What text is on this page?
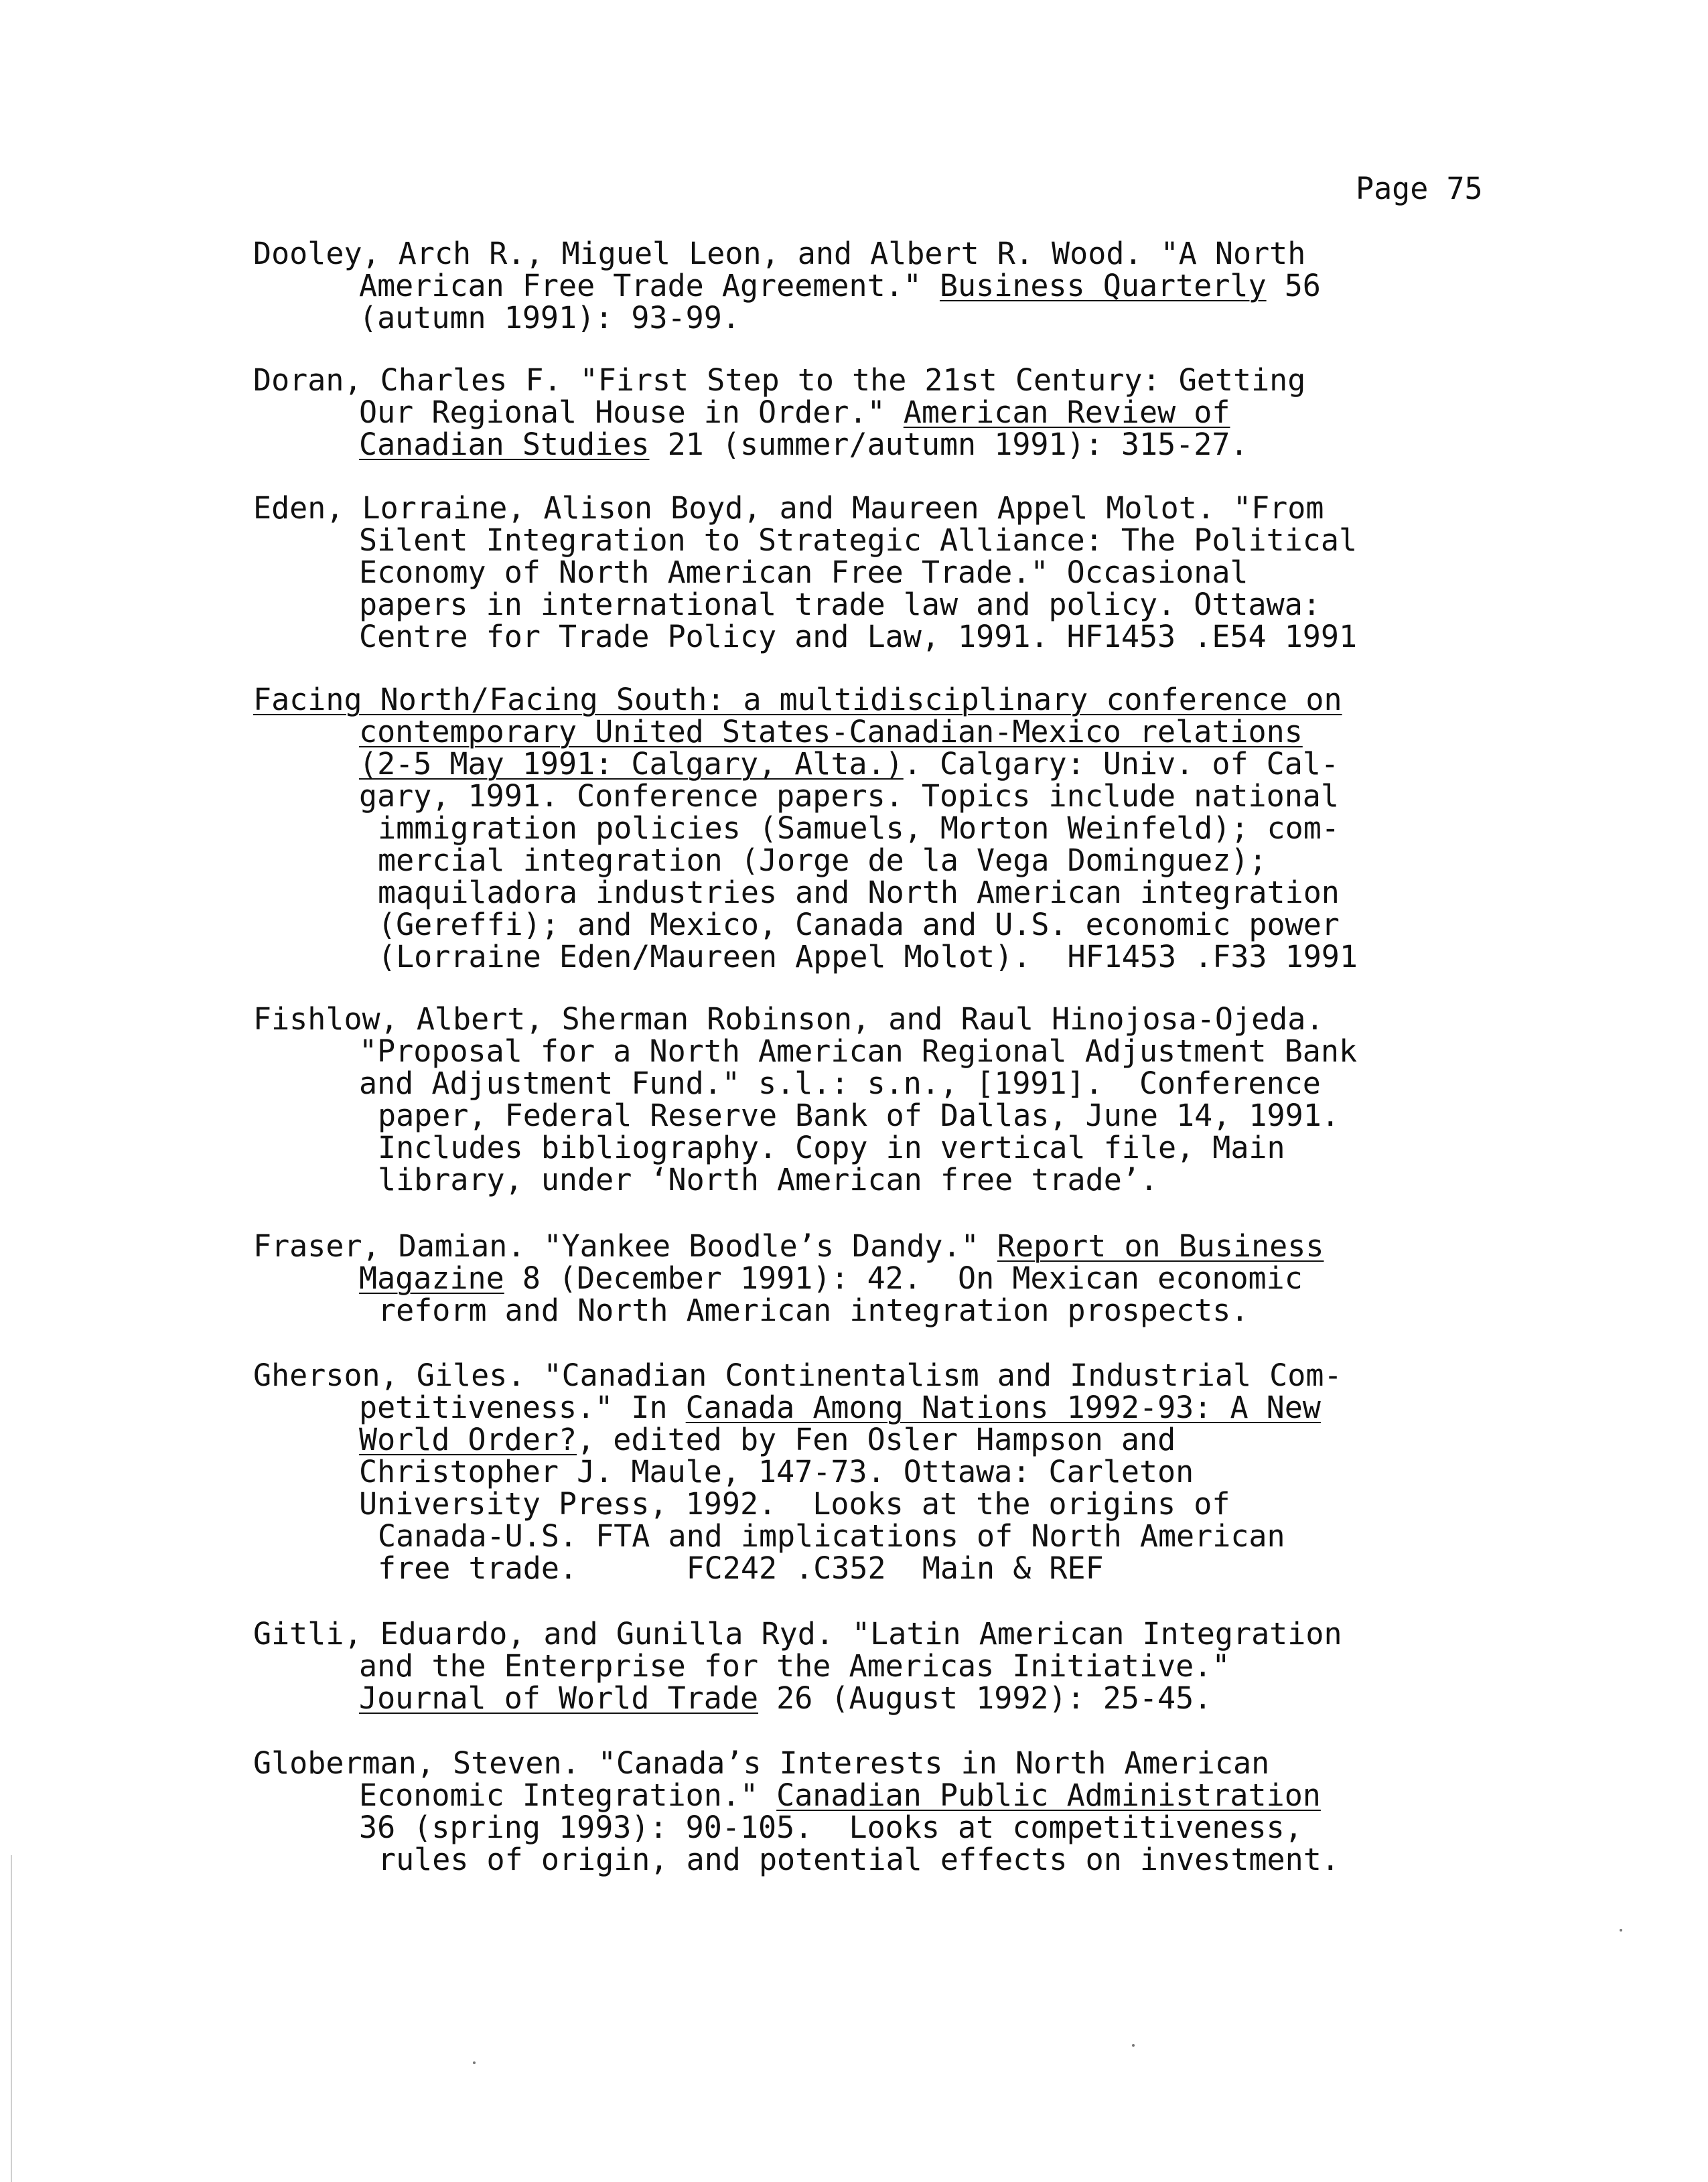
Page 75
Dooley, Arch R., Miguel Leon, and Albert R. Wood. "A North
American Free Trade Agreement." Business Quarterly 56
(autumn 1991): 93-99.
Doran, Charles F. "First Step to the 21st Century: Getting
Our Regional House in Order." American Review of
Canadian Studies 21 (summer/autumn 1991): 315-27.
Eden, Lorraine, Alison Boyd, and Maureen Appel Molot. "From
Silent Integration to Strategic Alliance: The Political
Economy of North American Free Trade." Occasional
papers in international trade law and policy. Ottawa:
Centre for Trade Policy and Law, 1991. HF1453 .E54 1991
Facing North/Facing South: a multidisciplinary conference on
contemporary United States-Canadian-Mexico relations
(2-5 May 1991: Calgary, Alta.). Calgary: Univ. of Cal-
gary, 1991. Conference papers. Topics include national
immigration policies (Samuels, Morton Weinfeld); com-
mercial integration (Jorge de la Vega Dominguez);
maquiladora industries and North American integration
(Gereffi); and Mexico, Canada and U.S. economic power
(Lorraine Eden/Maureen Appel Molot).  HF1453 .F33 1991
Fishlow, Albert, Sherman Robinson, and Raul Hinojosa-Ojeda.
"Proposal for a North American Regional Adjustment Bank
and Adjustment Fund." s.l.: s.n., [1991].  Conference
paper, Federal Reserve Bank of Dallas, June 14, 1991.
Includes bibliography. Copy in vertical file, Main
library, under ‘North American free trade’.
Fraser, Damian. "Yankee Boodle’s Dandy." Report on Business
Magazine 8 (December 1991): 42.  On Mexican economic
reform and North American integration prospects.
Gherson, Giles. "Canadian Continentalism and Industrial Com-
petitiveness." In Canada Among Nations 1992-93: A New
World Order?, edited by Fen Osler Hampson and
Christopher J. Maule, 147-73. Ottawa: Carleton
University Press, 1992.  Looks at the origins of
Canada-U.S. FTA and implications of North American
free trade.      FC242 .C352  Main & REF
Gitli, Eduardo, and Gunilla Ryd. "Latin American Integration
and the Enterprise for the Americas Initiative."
Journal of World Trade 26 (August 1992): 25-45.
Globerman, Steven. "Canada’s Interests in North American
Economic Integration." Canadian Public Administration
36 (spring 1993): 90-105.  Looks at competitiveness,
rules of origin, and potential effects on investment.
